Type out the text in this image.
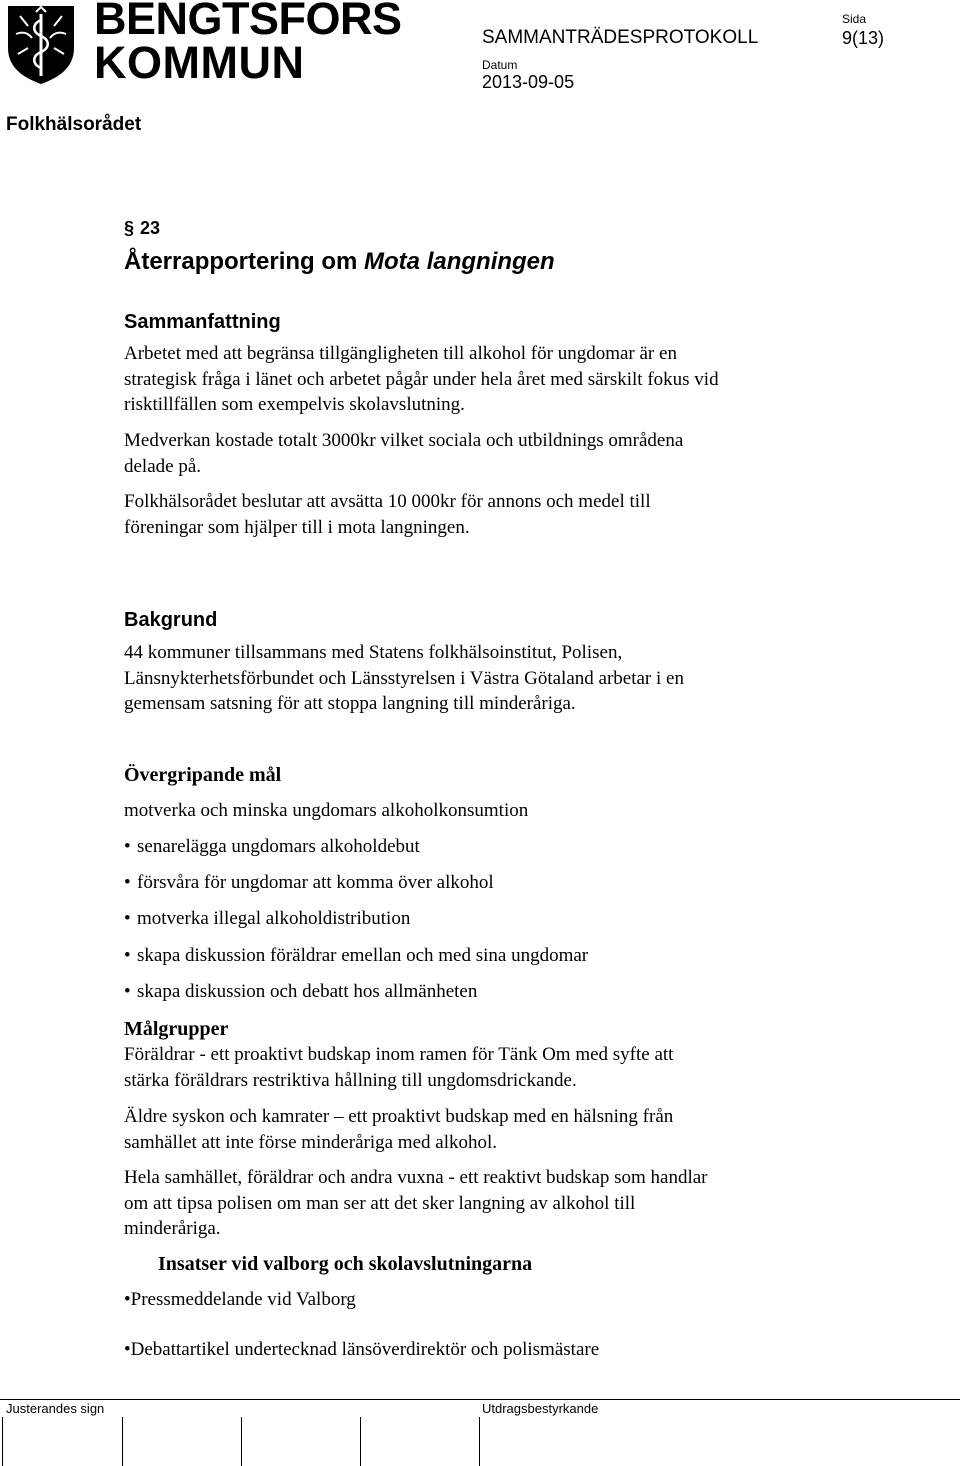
BENGTSFORS
KOMMUN	SAMMANTRÄDESPROTOKOLL
Sida
9(13)
Datum
2013-09-05
Folkhälsorådet
§ 23
Återrapportering om Mota langningen
Sammanfattning
Arbetet med att begränsa tillgängligheten till alkohol för ungdomar är en
strategisk fråga i länet och arbetet pågår under hela året med särskilt fokus vid
risktillfällen som exempelvis skolavslutning.
Medverkan kostade totalt 3000kr vilket sociala och utbildnings områdena
delade på.
Folkhälsorådet beslutar att avsätta 10 000kr för annons och medel till
föreningar som hjälper till i mota langningen.
Bakgrund
44 kommuner tillsammans med Statens folkhälsoinstitut, Polisen,
Länsnykterhetsförbundet och Länsstyrelsen i Västra Götaland arbetar i en
gemensam satsning för att stoppa langning till minderåriga.
Övergripande mål
motverka och minska ungdomars alkoholkonsumtion
• senarelägga ungdomars alkoholdebut
• försvåra för ungdomar att komma över alkohol
• motverka illegal alkoholdistribution
• skapa diskussion föräldrar emellan och med sina ungdomar
• skapa diskussion och debatt hos allmänheten
Målgrupper
Föräldrar - ett proaktivt budskap inom ramen för Tänk Om med syfte att
stärka föräldrars restriktiva hållning till ungdomsdrickande.
Äldre syskon och kamrater – ett proaktivt budskap med en hälsning från
samhället att inte förse minderåriga med alkohol.
Hela samhället, föräldrar och andra vuxna - ett reaktivt budskap som handlar
om att tipsa polisen om man ser att det sker langning av alkohol till
minderåriga.
Insatser vid valborg och skolavslutningarna
•Pressmeddelande vid Valborg
•Debattartikel undertecknad länsöverdirektör och polismästare
Justerandes sign	Utdragsbestyrkande
